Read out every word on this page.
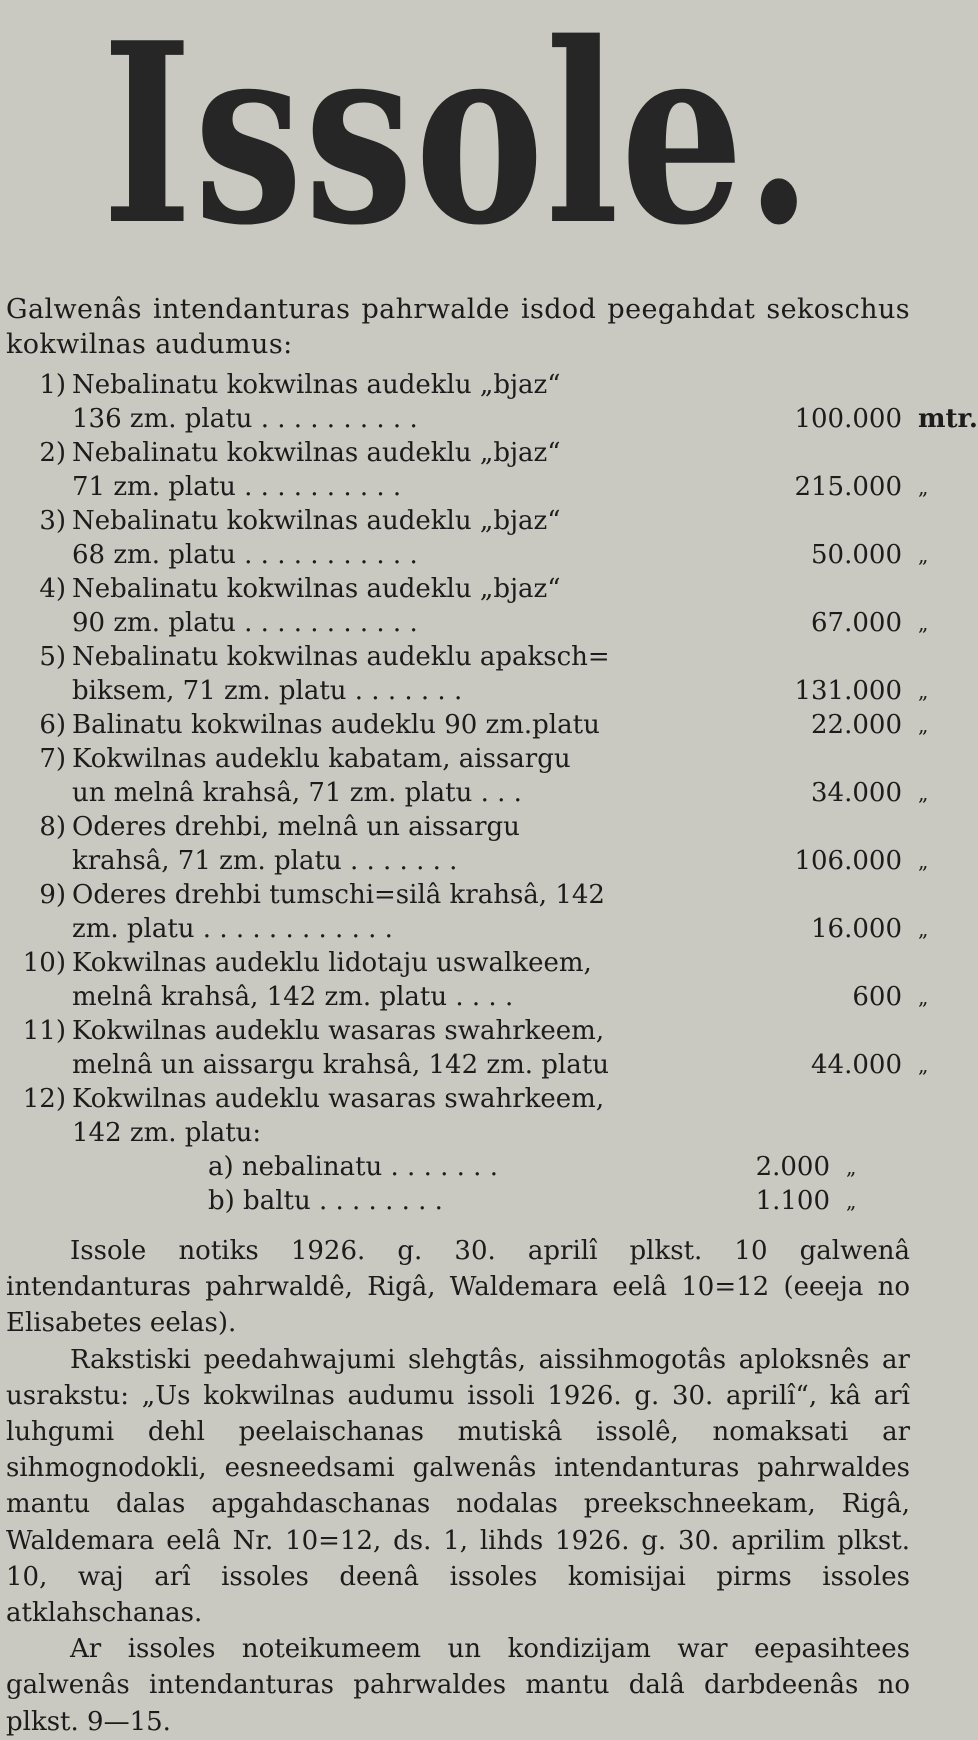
Issole.

Galwenâs intendanturas pahrwalde isdod peegahdat sekoschus kokwilnas audumus:

1) Nebalinatu kokwilnas audeklu „bjaz“
136 zm. platu . . . . . . . . . .	100.000 mtr.
2) Nebalinatu kokwilnas audeklu „bjaz“
71 zm. platu . . . . . . . . . .	215.000 „
3) Nebalinatu kokwilnas audeklu „bjaz“
68 zm. platu . . . . . . . . . . .	50.000 „
4) Nebalinatu kokwilnas audeklu „bjaz“
90 zm. platu . . . . . . . . . . .	67.000 „
5) Nebalinatu kokwilnas audeklu apaksch=
biksem, 71 zm. platu . . . . . . .	131.000 „
6) Balinatu kokwilnas audeklu 90 zm.platu	22.000 „
7) Kokwilnas audeklu kabatam, aissargu
un melnâ krahsâ, 71 zm. platu . . .	34.000 „
8) Oderes drehbi, melnâ un aissargu
krahsâ, 71 zm. platu . . . . . . .	106.000 „
9) Oderes drehbi tumschi=silâ krahsâ, 142
zm. platu . . . . . . . . . . . .	16.000 „
10) Kokwilnas audeklu lidotaju uswalkeem,
melnâ krahsâ, 142 zm. platu . . . .	600 „
11) Kokwilnas audeklu wasaras swahrkeem,
melnâ un aissargu krahsâ, 142 zm. platu	44.000 „
12) Kokwilnas audeklu wasaras swahrkeem,
142 zm. platu:
a) nebalinatu . . . . . . .	2.000 „
b) baltu . . . . . . . .	1.100 „

Issole notiks 1926. g. 30. aprilî plkst. 10 galwenâ intendanturas pahrwaldê, Rigâ, Waldemara eelâ 10=12 (eeeja no Elisabetes eelas).

Rakstiski peedahwajumi slehgtâs, aissihmogotâs aploksnês ar usrakstu: „Us kokwilnas audumu issoli 1926. g. 30. aprilî“, kâ arî luhgumi dehl peelaischanas mutiskâ issolê, nomaksati ar sihmognodokli, eesneedsami galwenâs intendanturas pahrwaldes mantu dalas apgahdaschanas nodalas preekschneekam, Rigâ, Waldemara eelâ Nr. 10=12, ds. 1, lihds 1926. g. 30. aprilim plkst. 10, waj arî issoles deenâ issoles komisijai pirms issoles atklahschanas.

Ar issoles noteikumeem un kondizijam war eepasihtees galwenâs intendanturas pahrwaldes mantu dalâ darbdeenâs no plkst. 9—15.
